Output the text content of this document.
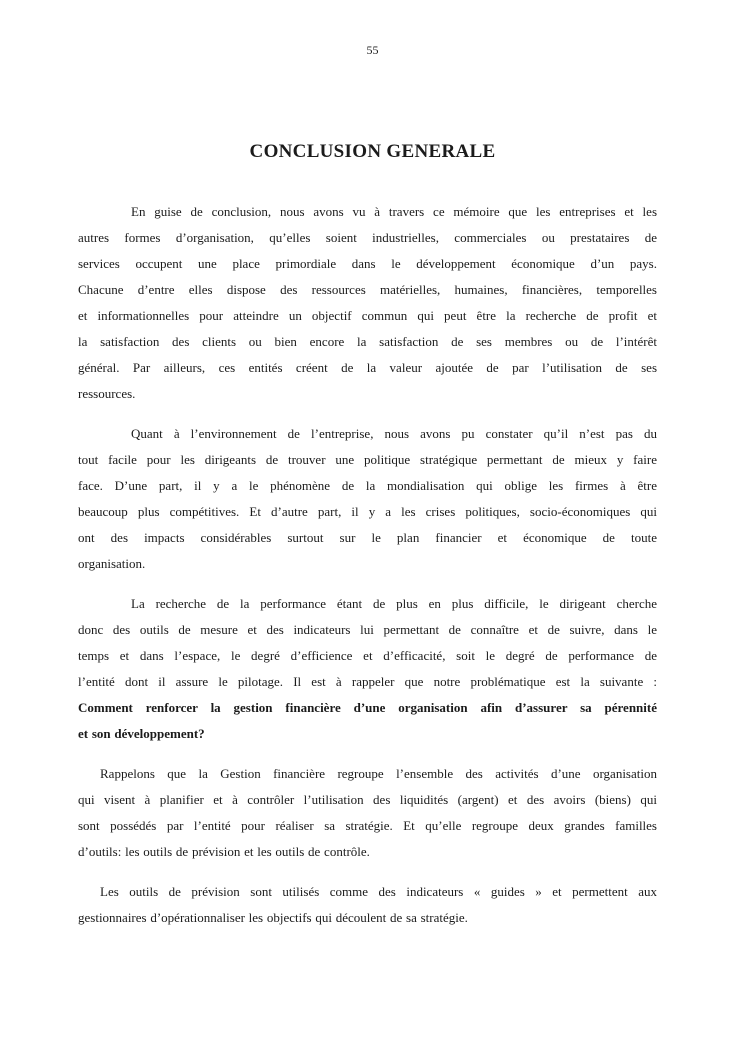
55
CONCLUSION GENERALE
En guise de conclusion, nous avons vu à travers ce mémoire que les entreprises et les
autres formes d’organisation, qu’elles soient industrielles, commerciales ou prestataires de
services occupent une place primordiale dans le développement économique d’un pays.
Chacune d’entre elles dispose des ressources matérielles, humaines, financières, temporelles
et informationnelles pour atteindre un objectif commun qui peut être la recherche de profit et
la satisfaction des clients ou bien encore la satisfaction de ses membres ou de l’intérêt
général. Par ailleurs, ces entités créent de la valeur ajoutée de par l’utilisation de ses
ressources.
Quant à l’environnement de l’entreprise, nous avons pu constater qu’il n’est pas du
tout facile pour les dirigeants de trouver une politique stratégique permettant de mieux y faire
face. D’une part, il y a le phénomène de la mondialisation qui oblige les firmes à être
beaucoup plus compétitives. Et d’autre part, il y a les crises politiques, socio-économiques qui
ont des impacts considérables surtout sur le plan financier et économique de toute
organisation.
La recherche de la performance étant de plus en plus difficile, le dirigeant cherche
donc des outils de mesure et des indicateurs lui permettant de connaître et de suivre, dans le
temps et dans l’espace, le degré d’efficience et d’efficacité, soit le degré de performance de
l’entité dont il assure le pilotage. Il est à rappeler que notre problématique est la suivante :
Comment renforcer la gestion financière d’une organisation afin d’assurer sa pérennité
et son développement?
Rappelons que la Gestion financière regroupe l’ensemble des activités d’une organisation
qui visent à planifier et à contrôler l’utilisation des liquidités (argent) et des avoirs (biens) qui
sont possédés par l’entité pour réaliser sa stratégie. Et qu’elle regroupe deux grandes familles
d’outils: les outils de prévision et les outils de contrôle.
Les outils de prévision sont utilisés comme des indicateurs « guides » et permettent aux
gestionnaires d’opérationnaliser les objectifs qui découlent de sa stratégie.
